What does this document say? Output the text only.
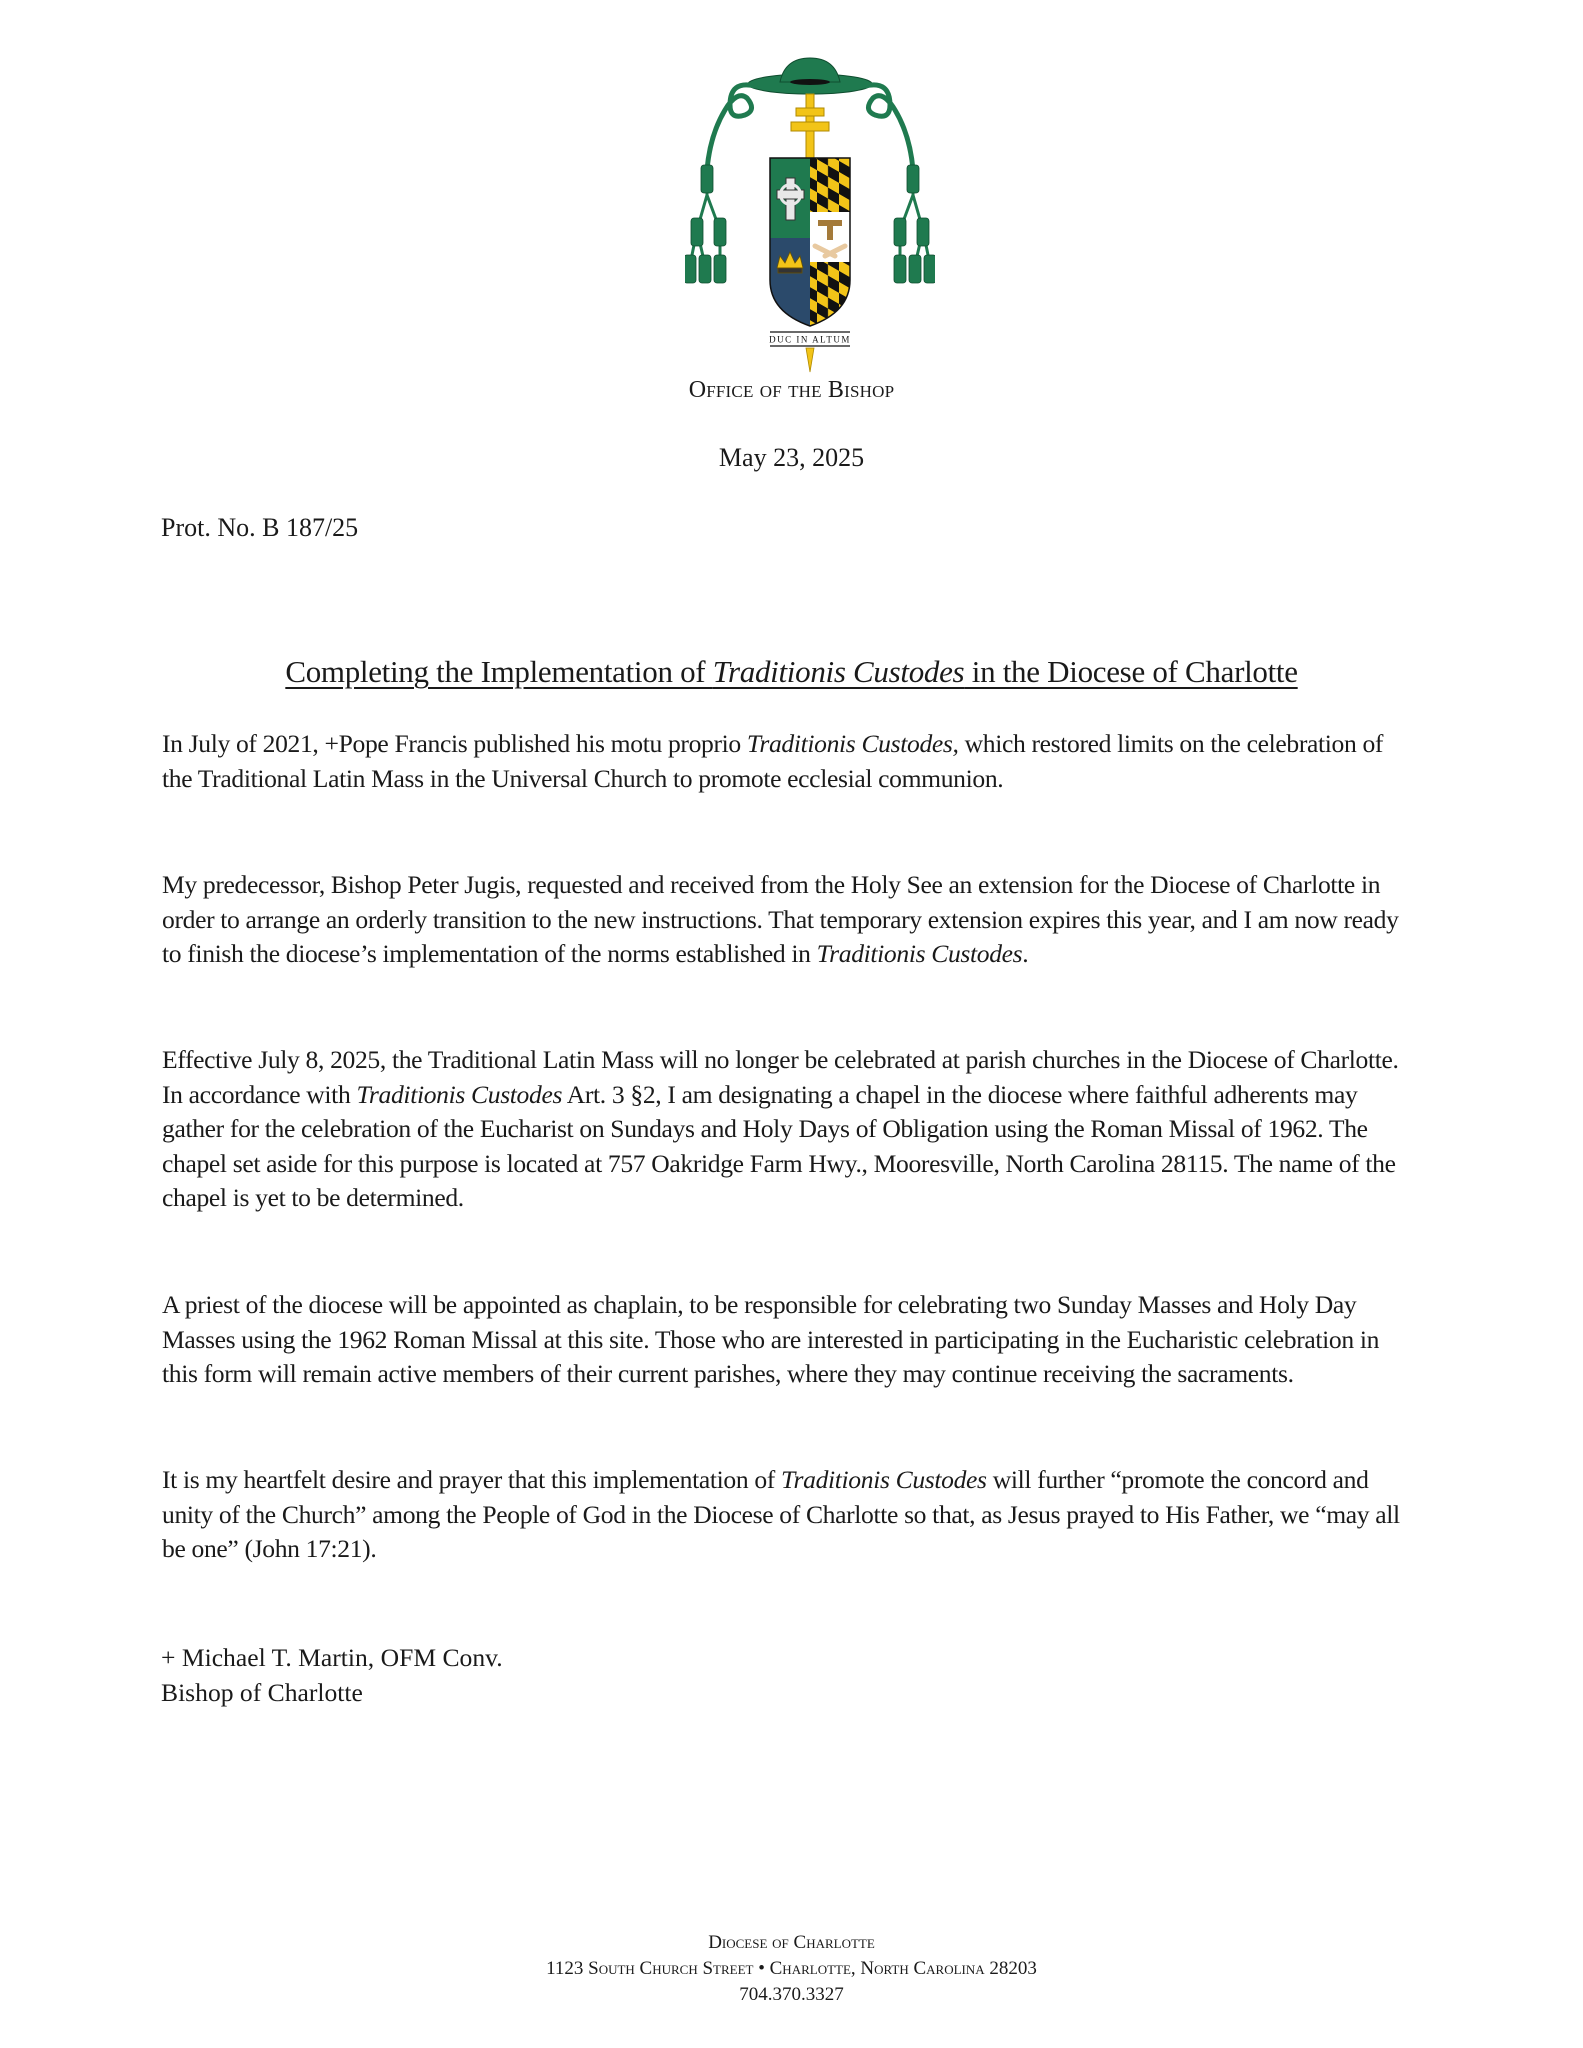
DUC IN ALTUM
Office of the Bishop
May 23, 2025
Prot. No. B 187/25
Completing the Implementation of Traditionis Custodes in the Diocese of Charlotte
In July of 2021, +Pope Francis published his motu proprio Traditionis Custodes, which restored limits on the celebration of the Traditional Latin Mass in the Universal Church to promote ecclesial communion.
My predecessor, Bishop Peter Jugis, requested and received from the Holy See an extension for the Diocese of Charlotte in order to arrange an orderly transition to the new instructions. That temporary extension expires this year, and I am now ready to finish the diocese’s implementation of the norms established in Traditionis Custodes.
Effective July 8, 2025, the Traditional Latin Mass will no longer be celebrated at parish churches in the Diocese of Charlotte. In accordance with Traditionis Custodes Art. 3 §2, I am designating a chapel in the diocese where faithful adherents may gather for the celebration of the Eucharist on Sundays and Holy Days of Obligation using the Roman Missal of 1962. The chapel set aside for this purpose is located at 757 Oakridge Farm Hwy., Mooresville, North Carolina 28115. The name of the chapel is yet to be determined.
A priest of the diocese will be appointed as chaplain, to be responsible for celebrating two Sunday Masses and Holy Day Masses using the 1962 Roman Missal at this site. Those who are interested in participating in the Eucharistic celebration in this form will remain active members of their current parishes, where they may continue receiving the sacraments.
It is my heartfelt desire and prayer that this implementation of Traditionis Custodes will further “promote the concord and unity of the Church” among the People of God in the Diocese of Charlotte so that, as Jesus prayed to His Father, we “may all be one” (John 17:21).
+ Michael T. Martin, OFM Conv.
Bishop of Charlotte
Diocese of Charlotte
1123 South Church Street • Charlotte, North Carolina 28203
704.370.3327
